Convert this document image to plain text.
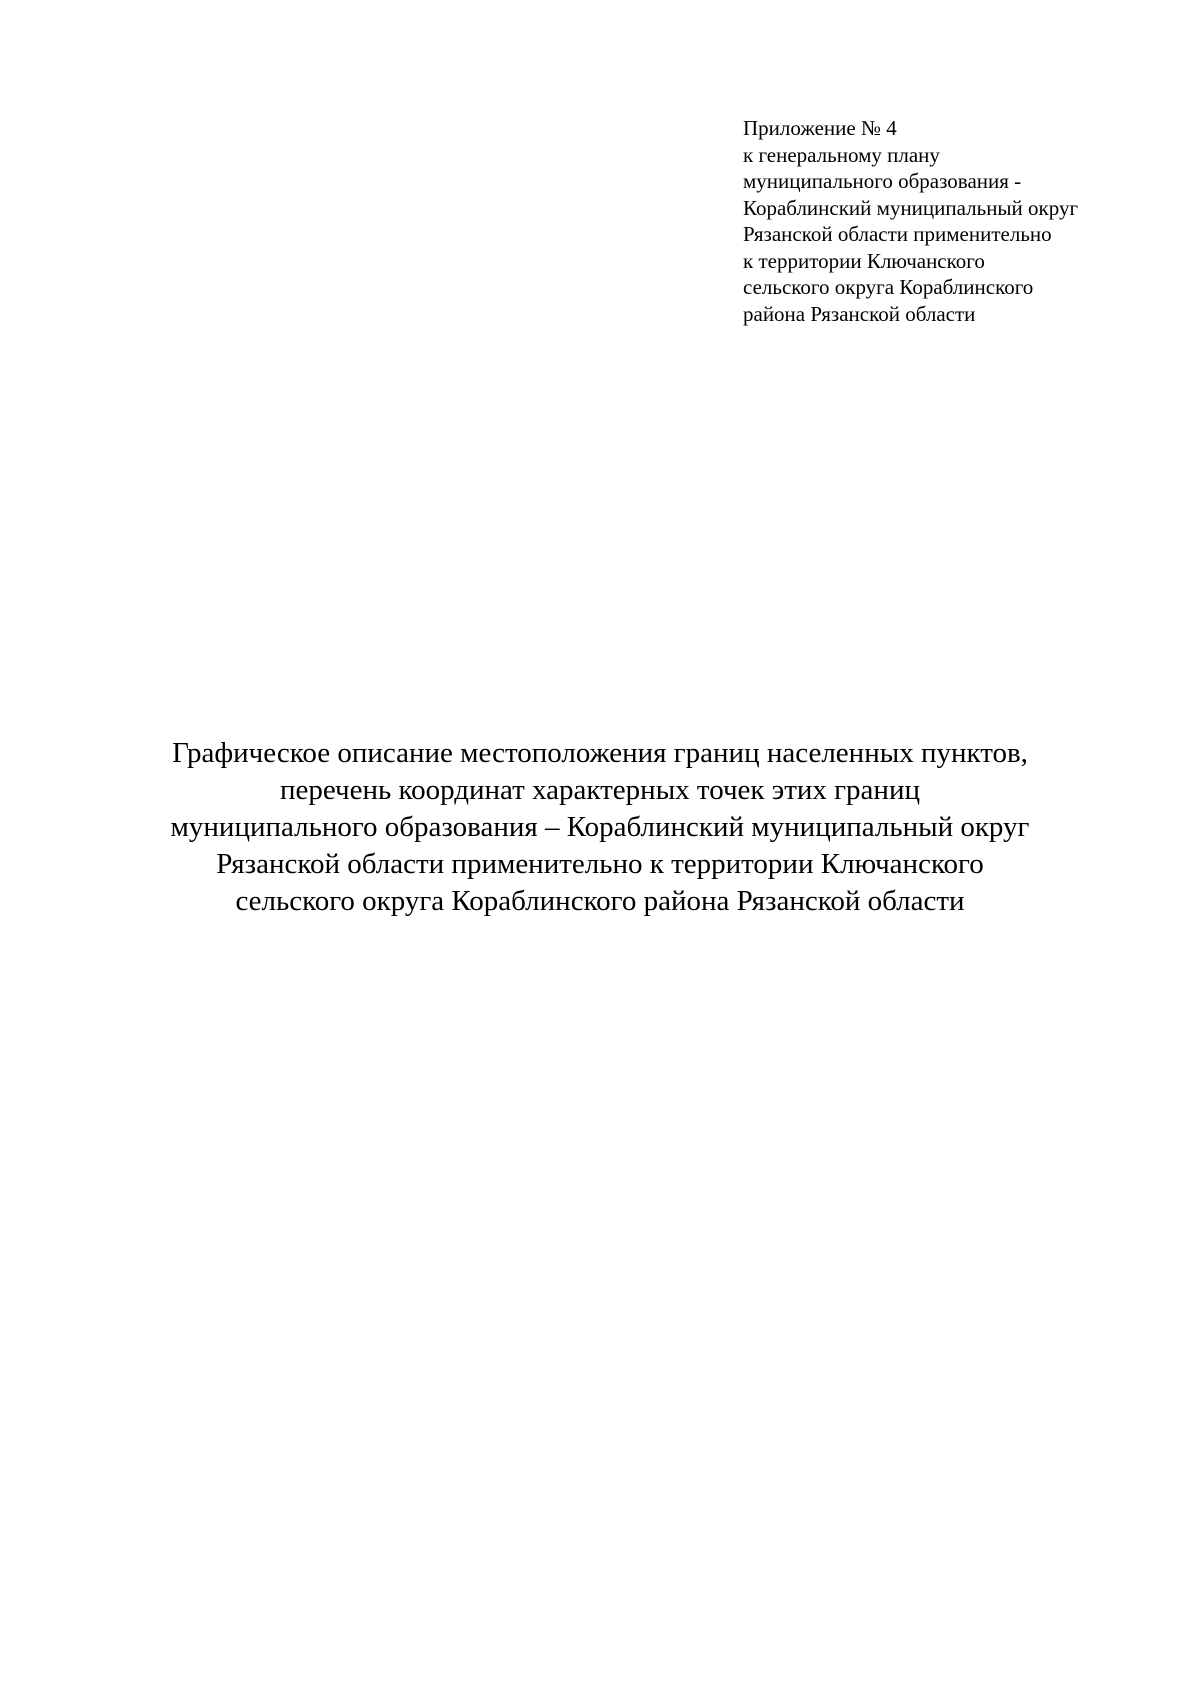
Приложение № 4
к генеральному плану
муниципального образования -
Кораблинский муниципальный округ
Рязанской области применительно
к территории Ключанского
сельского округа Кораблинского
района Рязанской области
Графическое описание местоположения границ населенных пунктов,
перечень координат характерных точек этих границ
муниципального образования – Кораблинский муниципальный округ
Рязанской области применительно к территории Ключанского
сельского округа Кораблинского района Рязанской области
